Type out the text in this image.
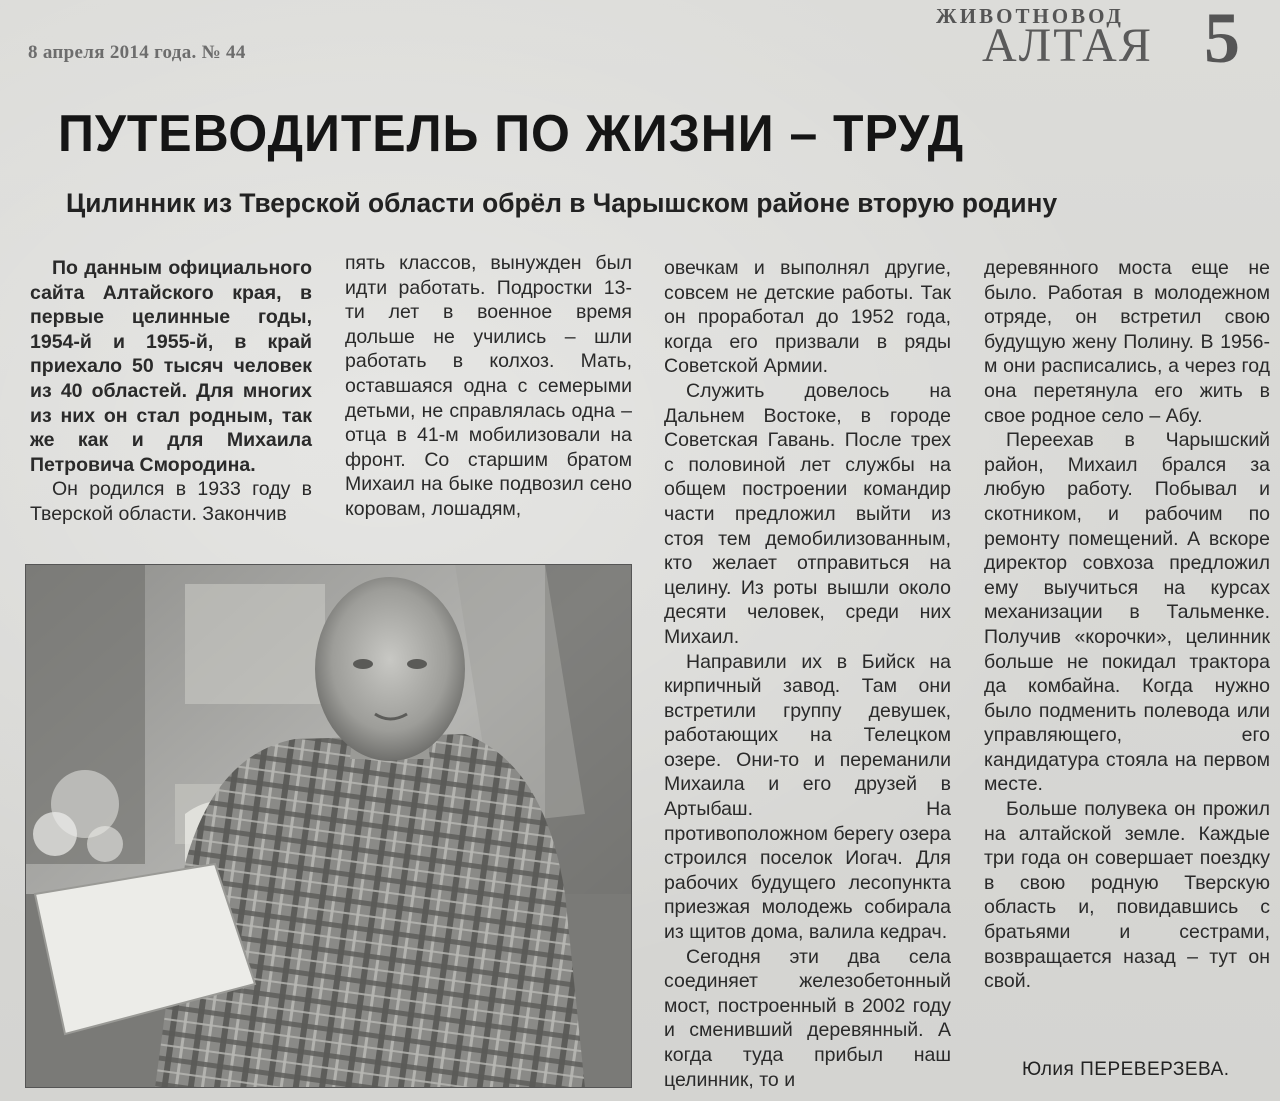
8 апреля 2014 года. № 44
ЖИВОТНОВОД
АЛТАЯ 5
ПУТЕВОДИТЕЛЬ ПО ЖИЗНИ – ТРУД
Цилинник из Тверской области обрёл в Чарышском районе вторую родину

По данным официального сайта Алтайского края, в первые целинные годы, 1954-й и 1955-й, в край приехало 50 тысяч человек из 40 областей. Для многих из них он стал родным, так же как и для Михаила Петровича Смородина.

Он родился в 1933 году в Тверской области. Закончив

пять классов, вынужден был идти работать. Подростки 13-ти лет в военное время дольше не учились – шли работать в колхоз. Мать, оставшаяся одна с семерыми детьми, не справлялась одна – отца в 41-м мобилизовали на фронт. Со старшим братом Михаил на быке подвозил сено коровам, лошадям,

овечкам и выполнял другие, совсем не детские работы. Так он проработал до 1952 года, когда его призвали в ряды Советской Армии.

Служить довелось на Дальнем Востоке, в городе Советская Гавань. После трех с половиной лет службы на общем построении командир части предложил выйти из стоя тем демобилизованным, кто желает отправиться на целину. Из роты вышли около десяти человек, среди них Михаил.

Направили их в Бийск на кирпичный завод. Там они встретили группу девушек, работающих на Телецком озере. Они-то и переманили Михаила и его друзей в Артыбаш. На противоположном берегу озера строился поселок Иогач. Для рабочих будущего лесопункта приезжая молодежь собирала из щитов дома, валила кедрач.

Сегодня эти два села соединяет железобетонный мост, построенный в 2002 году и сменивший деревянный. А когда туда прибыл наш целинник, то и

деревянного моста еще не было. Работая в молодежном отряде, он встретил свою будущую жену Полину. В 1956-м они расписались, а через год она перетянула его жить в свое родное село – Абу.

Переехав в Чарышский район, Михаил брался за любую работу. Побывал и скотником, и рабочим по ремонту помещений. А вскоре директор совхоза предложил ему выучиться на курсах механизации в Тальменке. Получив «корочки», целинник больше не покидал трактора да комбайна. Когда нужно было подменить полевода или управляющего, его кандидатура стояла на первом месте.

Больше полувека он прожил на алтайской земле. Каждые три года он совершает поездку в свою родную Тверскую область и, повидавшись с братьями и сестрами, возвращается назад – тут он свой.

Юлия ПЕРЕВЕРЗЕВА.
